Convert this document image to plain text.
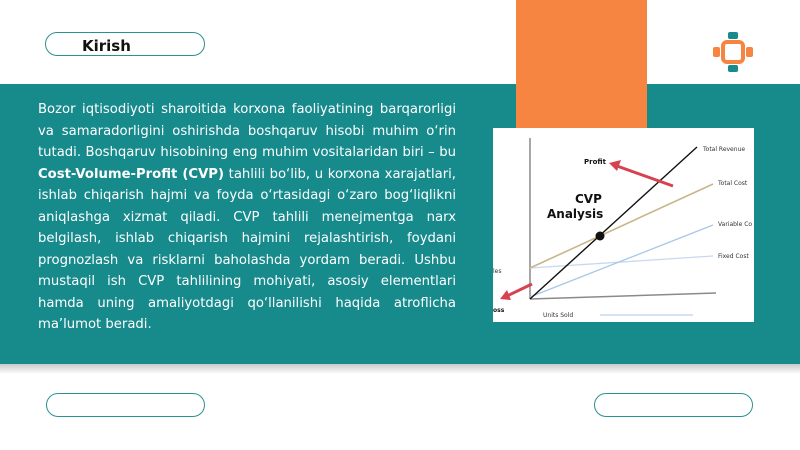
Kirish
Bozor iqtisodiyoti sharoitida korxona faoliyatining barqarorligi va samaradorligini oshirishda boshqaruv hisobi muhim o‘rin tutadi. Boshqaruv hisobining eng muhim vositalaridan biri – bu Cost-Volume-Profit (CVP) tahlili bo‘lib, u korxona xarajatlari, ishlab chiqarish hajmi va foyda o‘rtasidagi o‘zaro bog‘liqlikni aniqlashga xizmat qiladi. CVP tahlili menejmentga narx belgilash, ishlab chiqarish hajmini rejalashtirish, foydani prognozlash va risklarni baholashda yordam beradi. Ushbu mustaqil ish CVP tahlilining mohiyati, asosiy elementlari hamda uning amaliyotdagi qo‘llanilishi haqida atroflicha ma’lumot beradi.
Profit
CVP
Analysis
Total Revenue
Total Cost
Variable Co
Fixed Cost
les
oss
Units Sold
